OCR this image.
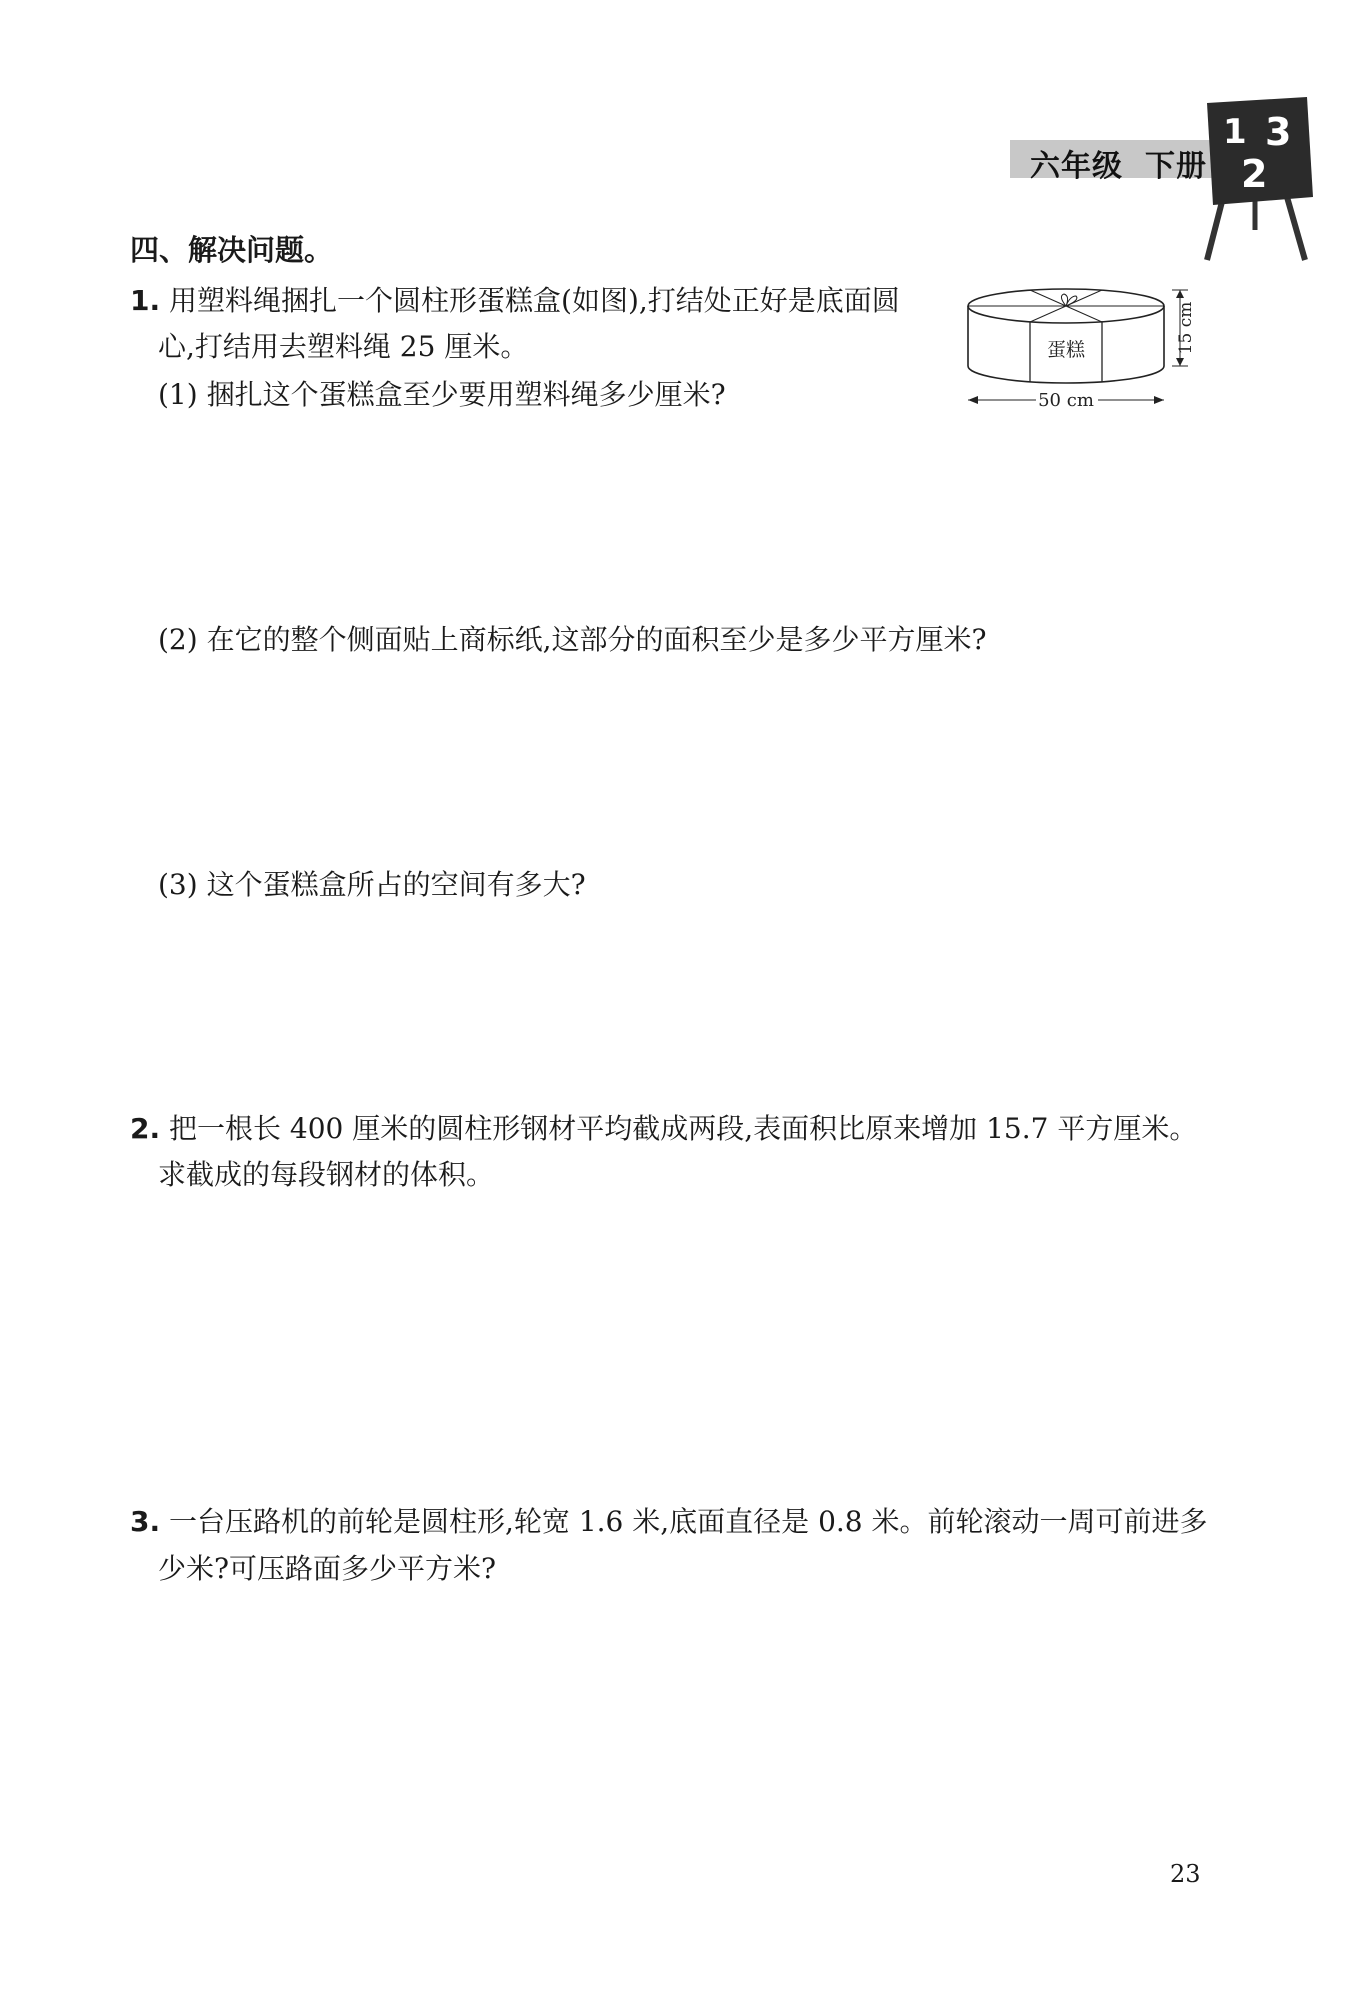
六年级 下册
1 3
2
四、解决问题。
1. 用塑料绳捆扎一个圆柱形蛋糕盒(如图),打结处正好是底面圆
心,打结用去塑料绳 25 厘米。
(1) 捆扎这个蛋糕盒至少要用塑料绳多少厘米?
蛋糕	15 cm
50 cm
(2) 在它的整个侧面贴上商标纸,这部分的面积至少是多少平方厘米?
(3) 这个蛋糕盒所占的空间有多大?
2. 把一根长 400 厘米的圆柱形钢材平均截成两段,表面积比原来增加 15.7 平方厘米。
求截成的每段钢材的体积。
3. 一台压路机的前轮是圆柱形,轮宽 1.6 米,底面直径是 0.8 米。前轮滚动一周可前进多
少米?可压路面多少平方米?
23
